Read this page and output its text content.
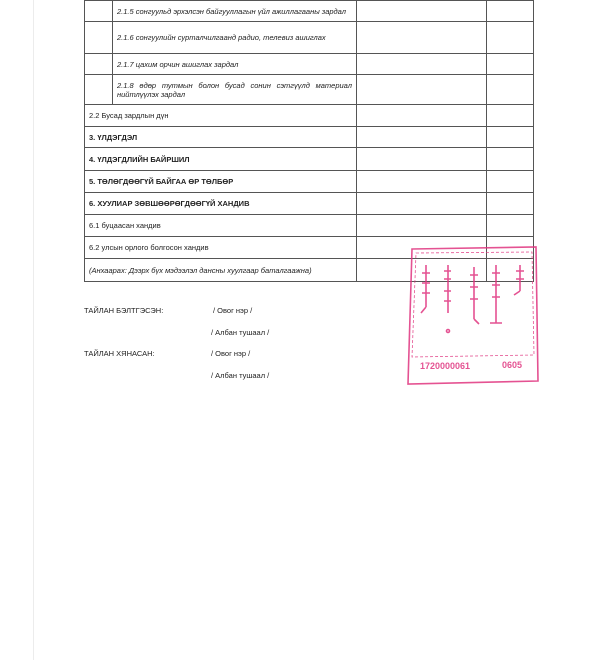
	2.1.5 сонгуульд эрхэлсэн байгууллагын үйл ажиллагааны зардал		
	2.1.6 сонгуулийн сурталчилгаанд радио, телевиз ашиглах		
	2.1.7 цахим орчин ашиглах зардал		
	2.1.8 өдөр тутмын болон бусад сонин сэтгүүлд материал нийтлүүлэх зардал		
2.2 Бусад зардлын дүн			
3. ҮЛДЭГДЭЛ			
4. ҮЛДЭГДЛИЙН БАЙРШИЛ			
5. ТӨЛӨГДӨӨГҮЙ БАЙГАА ӨР ТӨЛБӨР			
6. ХУУЛИАР ЗӨВШӨӨРӨГДӨӨГҮЙ ХАНДИВ			
6.1 буцаасан хандив			
6.2 улсын орлого болгосон хандив			
(Анхаарах: Дээрх бүх мэдээлэл дансны хуулгаар баталгаажна)			
ТАЙЛАН БЭЛТГЭСЭН:	/ Овог нэр /
/ Албан тушаал /
ТАЙЛАН ХЯНАСАН:	/ Овог нэр /
/ Албан тушаал /
1720000061	0605
